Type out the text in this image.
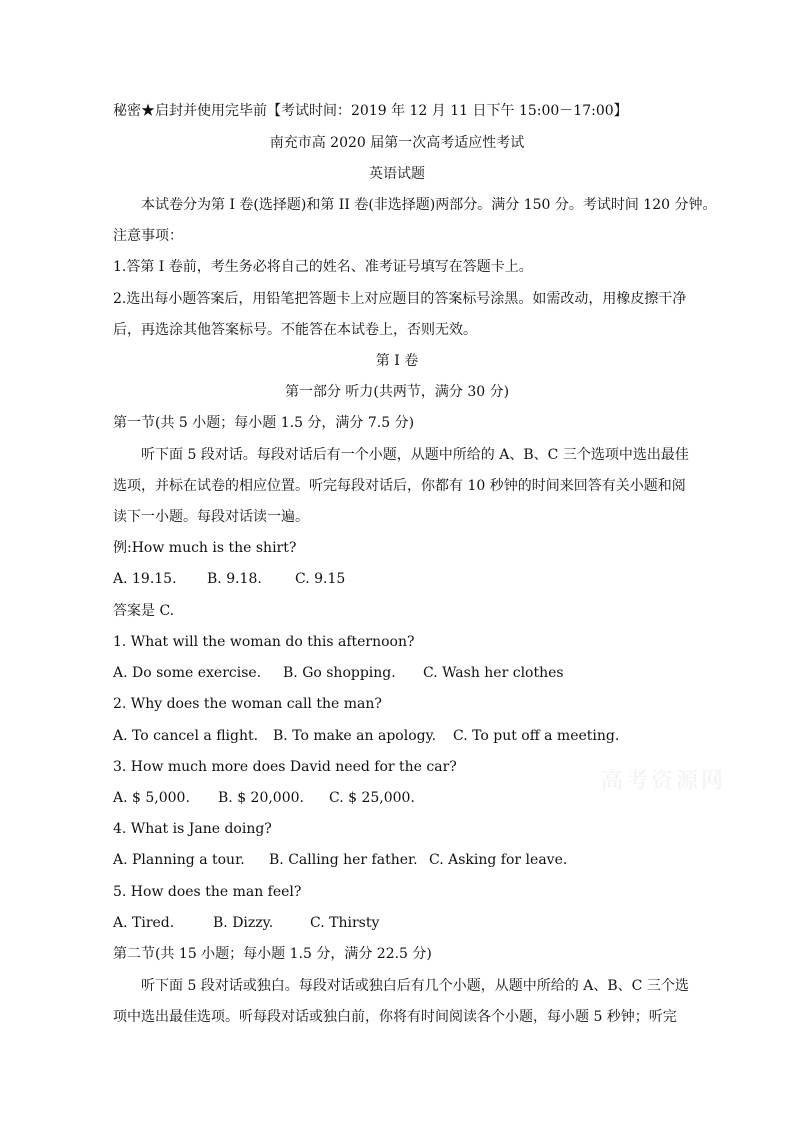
秘密★启封并使用完毕前【考试时间：2019 年 12 月 11 日下午 15:00－17:00】
南充市高 2020 届第一次高考适应性考试
英语试题
本试卷分为第 I 卷(选择题)和第 II 卷(非选择题)两部分。满分 150 分。考试时间 120 分钟。
注意事项：
1.答第 I 卷前，考生务必将自己的姓名、准考证号填写在答题卡上。
2.选出每小题答案后，用铅笔把答题卡上对应题目的答案标号涂黑。如需改动，用橡皮擦干净
后，再选涂其他答案标号。不能答在本试卷上，否则无效。
第 I 卷
第一部分 听力(共两节，满分 30 分)
第一节(共 5 小题；每小题 1.5 分，满分 7.5 分)
听下面 5 段对话。每段对话后有一个小题，从题中所给的 A、B、C 三个选项中选出最佳
选项，并标在试卷的相应位置。听完每段对话后，你都有 10 秒钟的时间来回答有关小题和阅
读下一小题。每段对话读一遍。
例:How much is the shirt?
A. 19.15. B. 9.18. C. 9.15
答案是 C.
1. What will the woman do this afternoon?
A. Do some exercise. B. Go shopping. C. Wash her clothes
2. Why does the woman call the man?
A. To cancel a flight. B. To make an apology. C. To put off a meeting.
3. How much more does David need for the car?
A. $ 5,000. B. $ 20,000. C. $ 25,000.
4. What is Jane doing?
A. Planning a tour. B. Calling her father. C. Asking for leave.
5. How does the man feel?
A. Tired.	B. Dizzy.	C. Thirsty
第二节(共 15 小题；每小题 1.5 分，满分 22.5 分)
听下面 5 段对话或独白。每段对话或独白后有几个小题，从题中所给的 A、B、C 三个选
项中选出最佳选项。听每段对话或独白前，你将有时间阅读各个小题，每小题 5 秒钟；听完
高考资源网
